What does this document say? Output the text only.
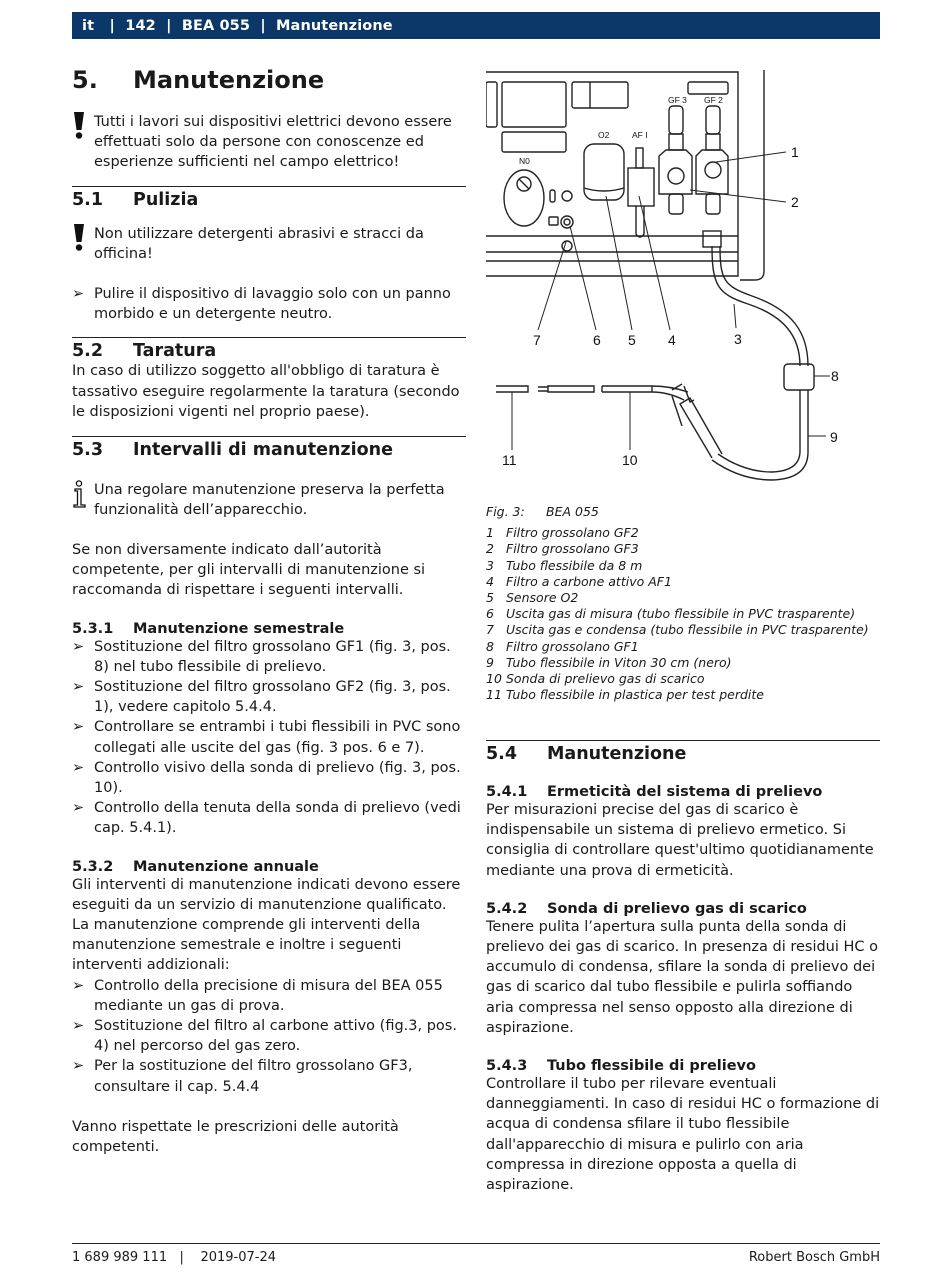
it | 142 | BEA 055 | Manutenzione
5.	Manutenzione
Tutti i lavori sui dispositivi elettrici devono essere effettuati solo da persone con conoscenze ed esperienze sufficienti nel campo elettrico!
5.1	Pulizia
Non utilizzare detergenti abrasivi e stracci da officina!
➢ Pulire il dispositivo di lavaggio solo con un panno morbido e un detergente neutro.
5.2	Taratura

In caso di utilizzo soggetto all'obbligo di taratura è tassativo eseguire regolarmente la taratura (secondo le disposizioni vigenti nel proprio paese).

5.3	Intervalli di manutenzione
Una regolare manutenzione preserva la perfetta funzionalità dell’apparecchio.

Se non diversamente indicato dall’autorità competente, per gli intervalli di manutenzione si raccomanda di rispettare i seguenti intervalli.

5.3.1	Manutenzione semestrale
➢ Sostituzione del filtro grossolano GF1 (fig. 3, pos. 8) nel tubo flessibile di prelievo.
➢ Sostituzione del filtro grossolano GF2 (fig. 3, pos. 1), vedere capitolo 5.4.4.
➢ Controllare se entrambi i tubi flessibili in PVC sono collegati alle uscite del gas (fig. 3 pos. 6 e 7).
➢ Controllo visivo della sonda di prelievo (fig. 3, pos. 10).
➢ Controllo della tenuta della sonda di prelievo (vedi cap. 5.4.1).
5.3.2	Manutenzione annuale

Gli interventi di manutenzione indicati devono essere eseguiti da un servizio di manutenzione qualificato. La manutenzione comprende gli interventi della manutenzione semestrale e inoltre i seguenti interventi addizionali:

➢ Controllo della precisione di misura del BEA 055 mediante un gas di prova.
➢ Sostituzione del filtro al carbone attivo (fig.3, pos. 4) nel percorso del gas zero.
➢ Per la sostituzione del filtro grossolano GF3, consultare il cap. 5.4.4

Vanno rispettate le prescrizioni delle autorità competenti.

GF 3 GF 2
O2	AF I
N0
1
2
3
4
5
6
7
8
9
10
11
Fig. 3:	BEA 055
1 Filtro grossolano GF2
2 Filtro grossolano GF3
3 Tubo flessibile da 8 m
4 Filtro a carbone attivo AF1
5 Sensore O2
6 Uscita gas di misura (tubo flessibile in PVC trasparente)
7 Uscita gas e condensa (tubo flessibile in PVC trasparente)
8 Filtro grossolano GF1
9 Tubo flessibile in Viton 30 cm (nero)
10 Sonda di prelievo gas di scarico
11 Tubo flessibile in plastica per test perdite
5.4	Manutenzione
5.4.1	Ermeticità del sistema di prelievo

Per misurazioni precise del gas di scarico è indispensabile un sistema di prelievo ermetico. Si consiglia di controllare quest'ultimo quotidianamente mediante una prova di ermeticità.

5.4.2	Sonda di prelievo gas di scarico

Tenere pulita l’apertura sulla punta della sonda di prelievo dei gas di scarico. In presenza di residui HC o accumulo di condensa, sfilare la sonda di prelievo dei gas di scarico dal tubo flessibile e pulirla soffiando aria compressa nel senso opposto alla direzione di aspirazione.

5.4.3	Tubo flessibile di prelievo

Controllare il tubo per rilevare eventuali danneggiamenti. In caso di residui HC o formazione di acqua di condensa sfilare il tubo flessibile dall'apparecchio di misura e pulirlo con aria compressa in direzione opposta a quella di aspirazione.

1 689 989 111   |    2019-07-24	Robert Bosch GmbH
